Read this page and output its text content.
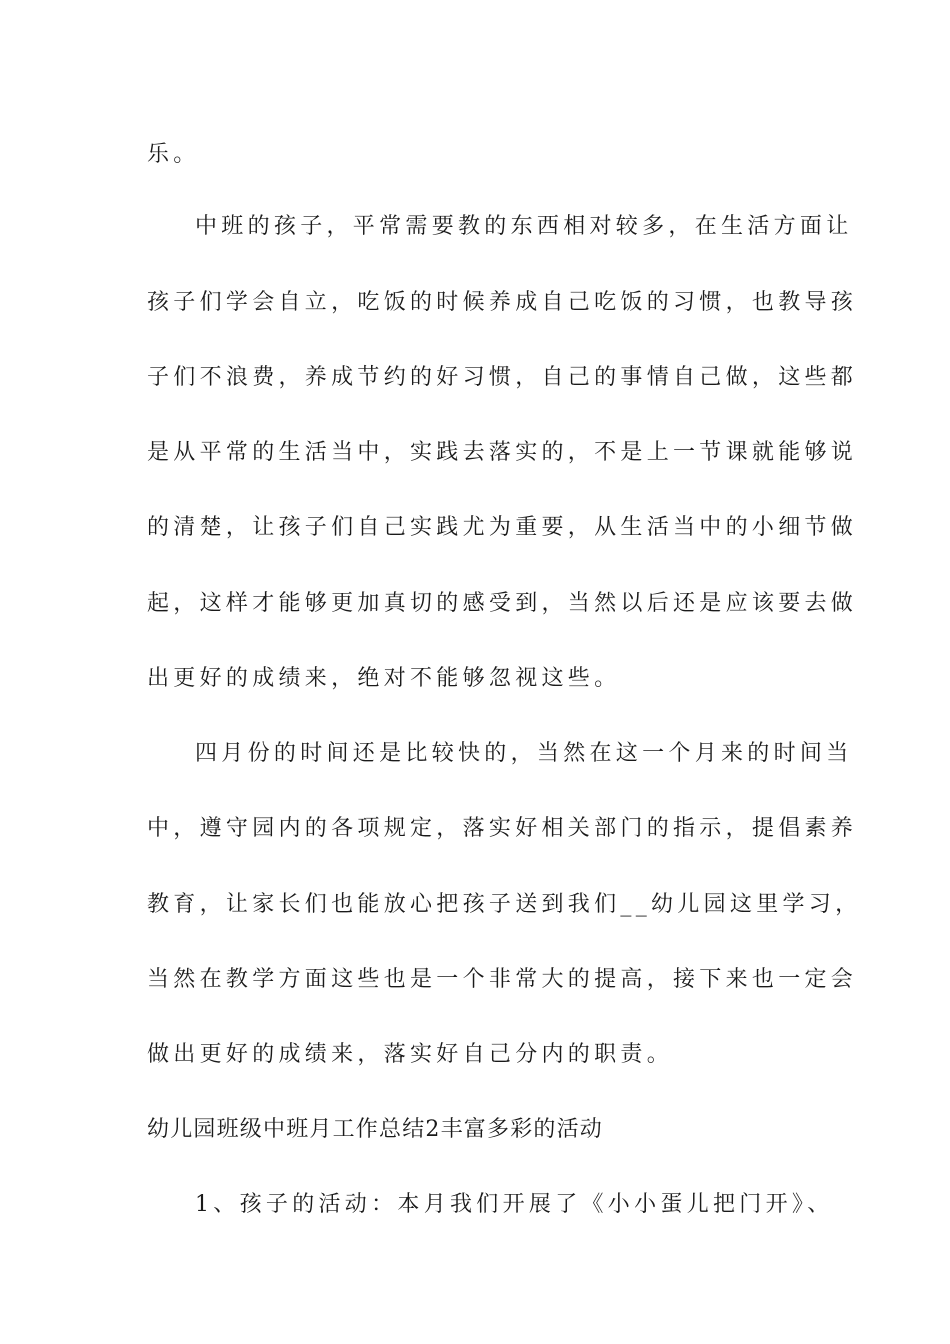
乐。
中班的孩子，平常需要教的东西相对较多，在生活方面让
孩子们学会自立，吃饭的时候养成自己吃饭的习惯，也教导孩
子们不浪费，养成节约的好习惯，自己的事情自己做，这些都
是从平常的生活当中，实践去落实的，不是上一节课就能够说
的清楚，让孩子们自己实践尤为重要，从生活当中的小细节做
起，这样才能够更加真切的感受到，当然以后还是应该要去做
出更好的成绩来，绝对不能够忽视这些。
四月份的时间还是比较快的，当然在这一个月来的时间当
中，遵守园内的各项规定，落实好相关部门的指示，提倡素养
教育，让家长们也能放心把孩子送到我们__幼儿园这里学习，
当然在教学方面这些也是一个非常大的提高，接下来也一定会
做出更好的成绩来，落实好自己分内的职责。
幼儿园班级中班月工作总结2丰富多彩的活动
1、孩子的活动：本月我们开展了《小小蛋儿把门开》、
